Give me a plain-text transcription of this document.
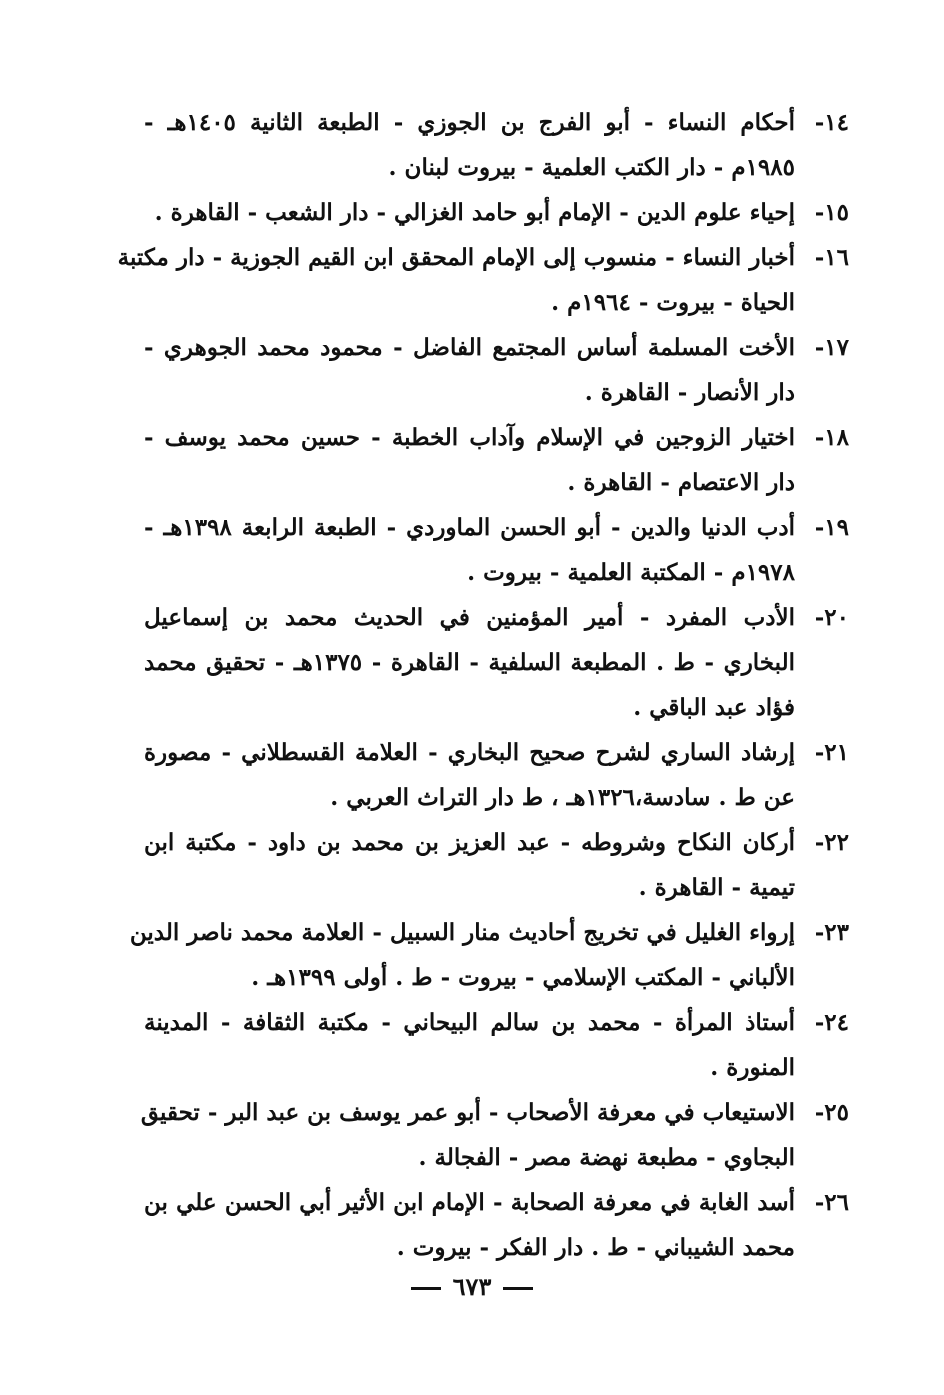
١٤-
أحكام النساء - أبو الفرج بن الجوزي - الطبعة الثانية ١٤٠٥هـ -
١٩٨٥م - دار الكتب العلمية - بيروت لبنان .
١٥-
إحياء علوم الدين - الإمام أبو حامد الغزالي - دار الشعب - القاهرة .
١٦-
أخبار النساء - منسوب إلى الإمام المحقق ابن القيم الجوزية - دار مكتبة
الحياة - بيروت - ١٩٦٤م .
١٧-
الأخت المسلمة أساس المجتمع الفاضل - محمود محمد الجوهري -
دار الأنصار - القاهرة .
١٨-
اختيار الزوجين في الإسلام وآداب الخطبة - حسين محمد يوسف -
دار الاعتصام - القاهرة .
١٩-
أدب الدنيا والدين - أبو الحسن الماوردي - الطبعة الرابعة ١٣٩٨هـ -
١٩٧٨م - المكتبة العلمية - بيروت .
٢٠-
الأدب المفرد - أمير المؤمنين في الحديث محمد بن إسماعيل
البخاري - ط . المطبعة السلفية - القاهرة - ١٣٧٥هـ - تحقيق محمد
فؤاد عبد الباقي .
٢١-
إرشاد الساري لشرح صحيح البخاري - العلامة القسطلاني - مصورة
عن ط . سادسة،١٣٢٦هـ ، ط دار التراث العربي .
٢٢-
أركان النكاح وشروطه - عبد العزيز بن محمد بن داود - مكتبة ابن
تيمية - القاهرة .
٢٣-
إرواء الغليل في تخريج أحاديث منار السبيل - العلامة محمد ناصر الدين
الألباني - المكتب الإسلامي - بيروت - ط . أولى ١٣٩٩هـ .
٢٤-
أستاذ المرأة - محمد بن سالم البيحاني - مكتبة الثقافة - المدينة
المنورة .
٢٥-
الاستيعاب في معرفة الأصحاب - أبو عمر يوسف بن عبد البر - تحقيق
البجاوي - مطبعة نهضة مصر - الفجالة .
٢٦-
أسد الغابة في معرفة الصحابة - الإمام ابن الأثير أبي الحسن علي بن
محمد الشيباني - ط . دار الفكر - بيروت .
٦٧٣
